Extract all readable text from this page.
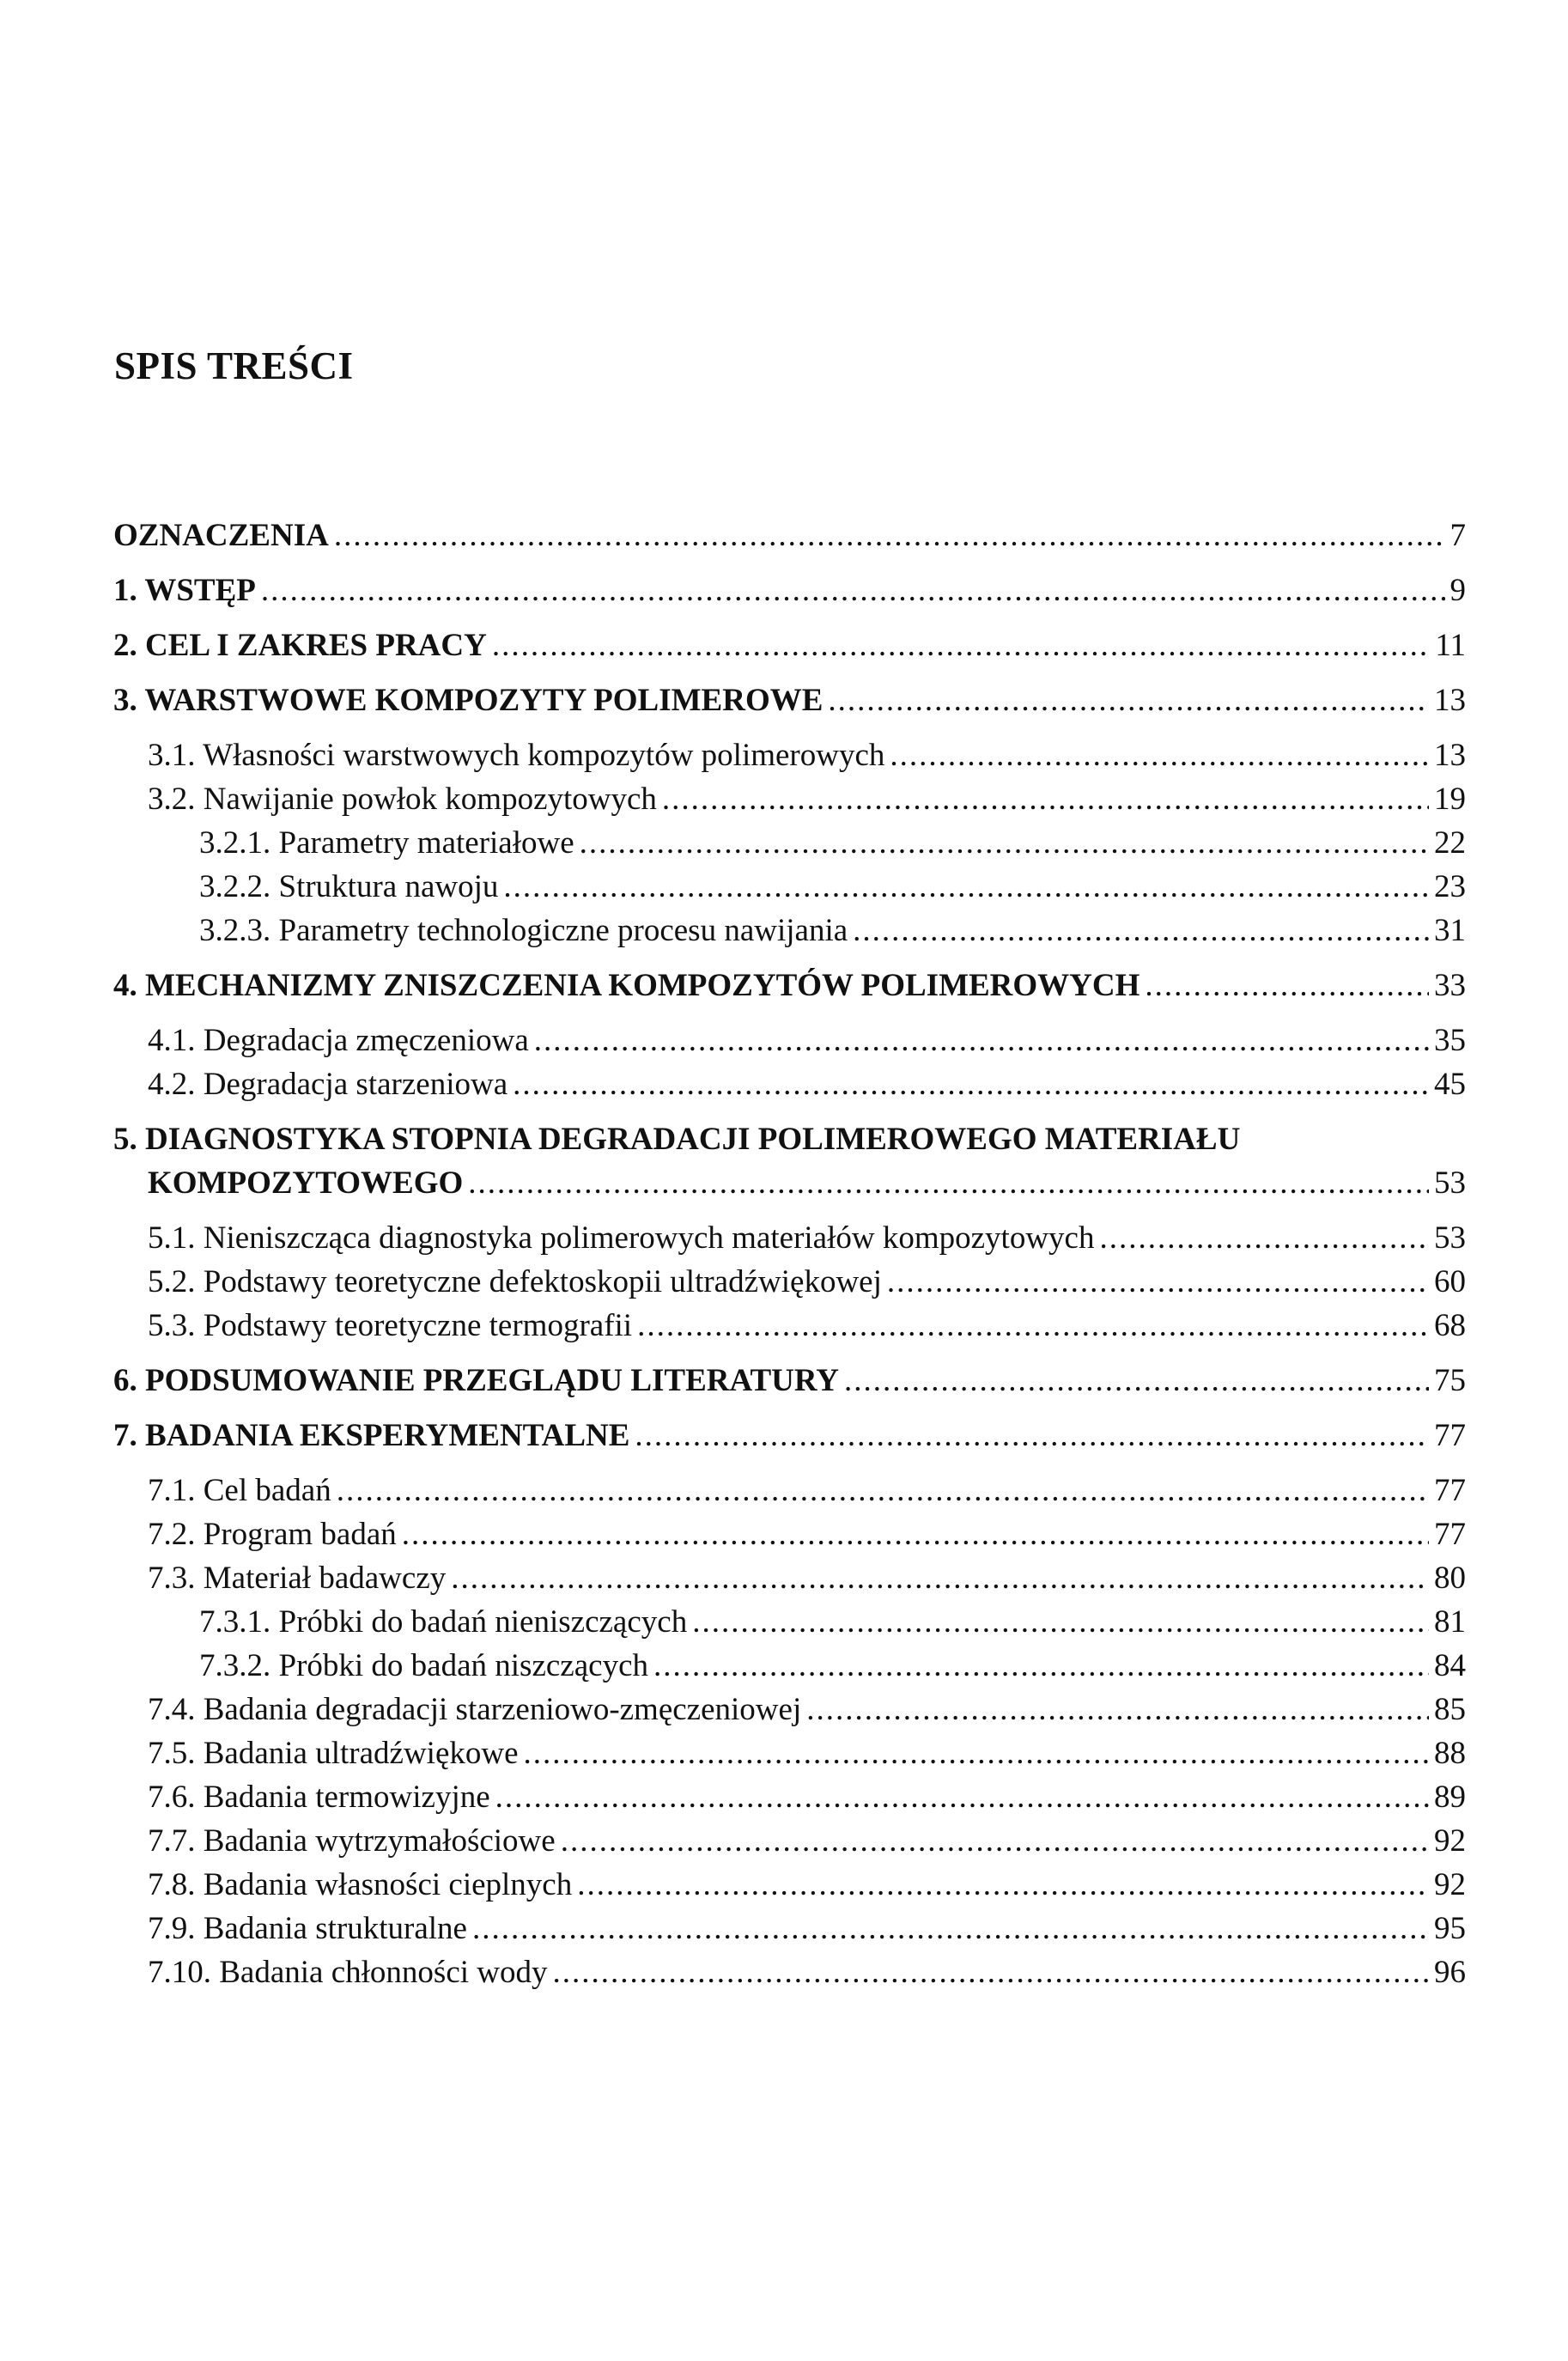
SPIS TREŚCI
OZNACZENIA .....	7
1. WSTĘP .....	9
2. CEL I ZAKRES PRACY .....	11
3. WARSTWOWE KOMPOZYTY POLIMEROWE .....	13
3.1. Własności warstwowych kompozytów polimerowych .....	13
3.2. Nawijanie powłok kompozytowych .....	19
3.2.1. Parametry materiałowe .....	22
3.2.2. Struktura nawoju .....	23
3.2.3. Parametry technologiczne procesu nawijania .....	31
4. MECHANIZMY ZNISZCZENIA KOMPOZYTÓW POLIMEROWYCH .....	33
4.1. Degradacja zmęczeniowa .....	35
4.2. Degradacja starzeniowa .....	45
5. DIAGNOSTYKA STOPNIA DEGRADACJI POLIMEROWEGO MATERIAŁU
KOMPOZYTOWEGO .....	53
5.1. Nieniszcząca diagnostyka polimerowych materiałów kompozytowych .....	53
5.2. Podstawy teoretyczne defektoskopii ultradźwiękowej .....	60
5.3. Podstawy teoretyczne termografii .....	68
6. PODSUMOWANIE PRZEGLĄDU LITERATURY .....	75
7. BADANIA EKSPERYMENTALNE .....	77
7.1. Cel badań .....	77
7.2. Program badań .....	77
7.3. Materiał badawczy .....	80
7.3.1. Próbki do badań nieniszczących .....	81
7.3.2. Próbki do badań niszczących .....	84
7.4. Badania degradacji starzeniowo-zmęczeniowej .....	85
7.5. Badania ultradźwiękowe .....	88
7.6. Badania termowizyjne .....	89
7.7. Badania wytrzymałościowe .....	92
7.8. Badania własności cieplnych .....	92
7.9. Badania strukturalne .....	95
7.10. Badania chłonności wody .....	96
